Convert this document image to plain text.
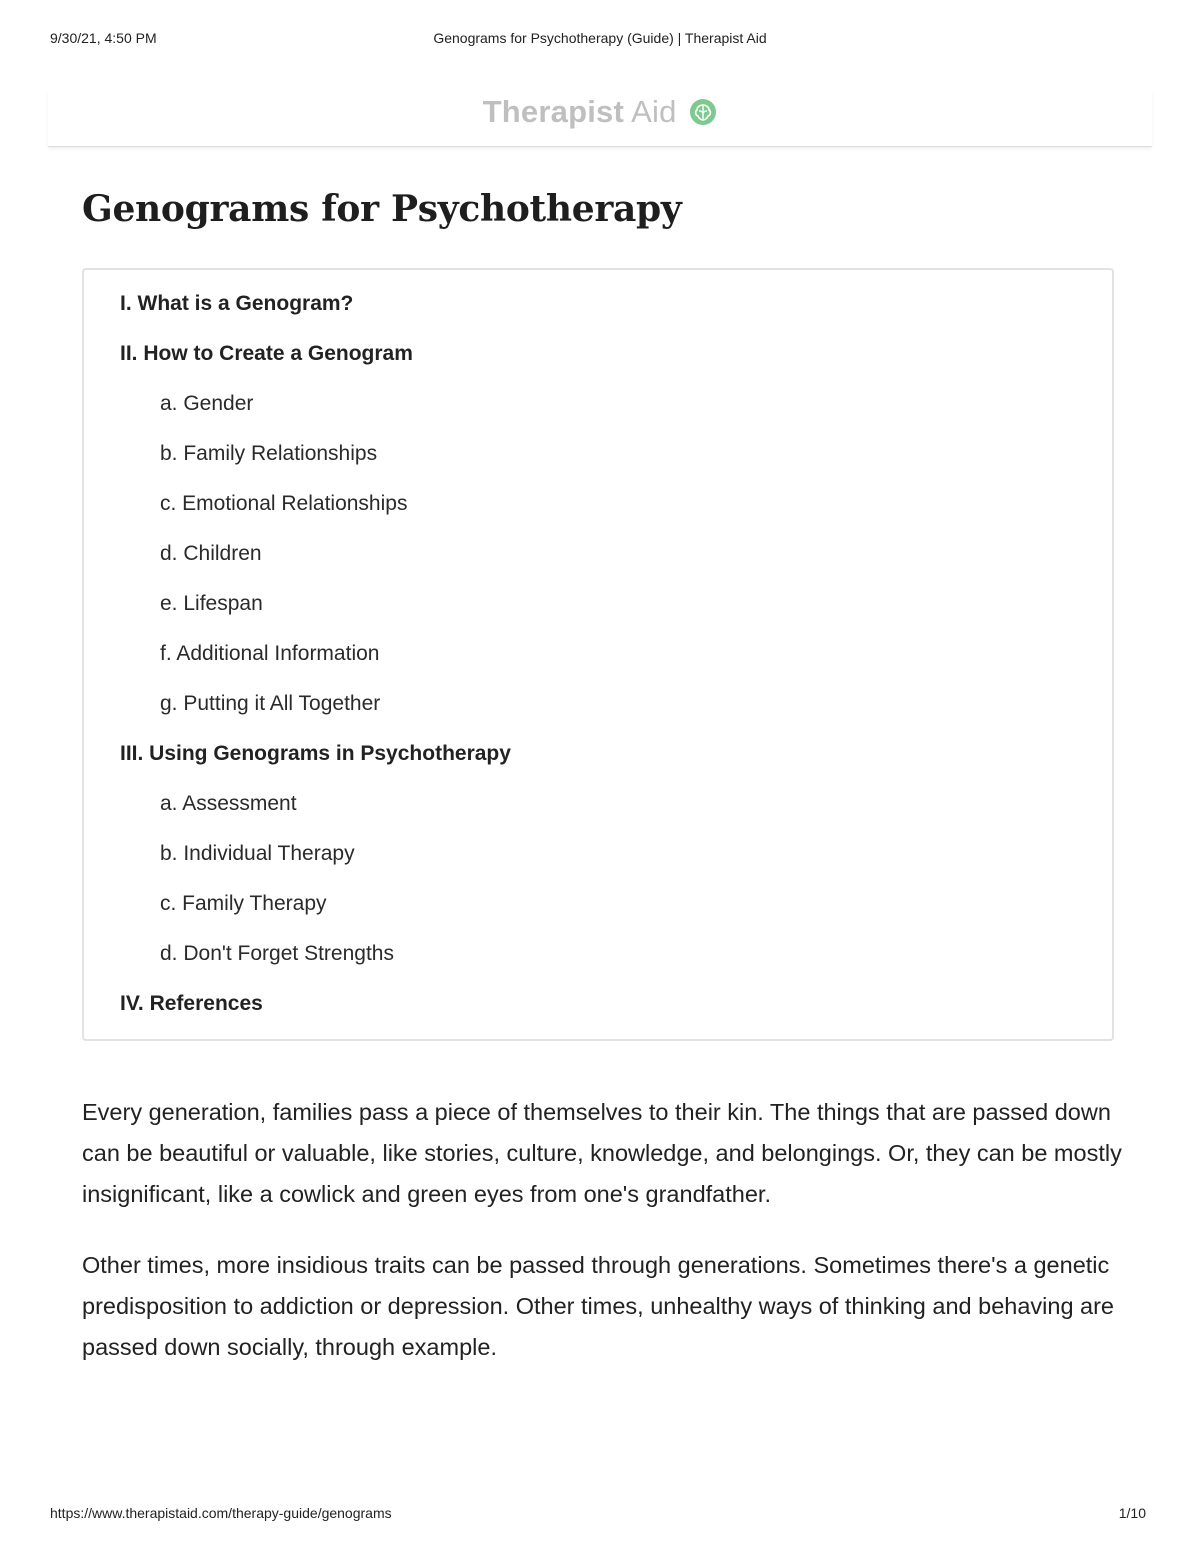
9/30/21, 4:50 PM	Genograms for Psychotherapy (Guide) | Therapist Aid
Therapist Aid
Genograms for Psychotherapy
I. What is a Genogram?
II. How to Create a Genogram
a. Gender
b. Family Relationships
c. Emotional Relationships
d. Children
e. Lifespan
f. Additional Information
g. Putting it All Together
III. Using Genograms in Psychotherapy
a. Assessment
b. Individual Therapy
c. Family Therapy
d. Don't Forget Strengths
IV. References

Every generation, families pass a piece of themselves to their kin. The things that are passed down can be beautiful or valuable, like stories, culture, knowledge, and belongings. Or, they can be mostly insignificant, like a cowlick and green eyes from one's grandfather.

Other times, more insidious traits can be passed through generations. Sometimes there's a genetic predisposition to addiction or depression. Other times, unhealthy ways of thinking and behaving are passed down socially, through example.

https://www.therapistaid.com/therapy-guide/genograms	1/10
